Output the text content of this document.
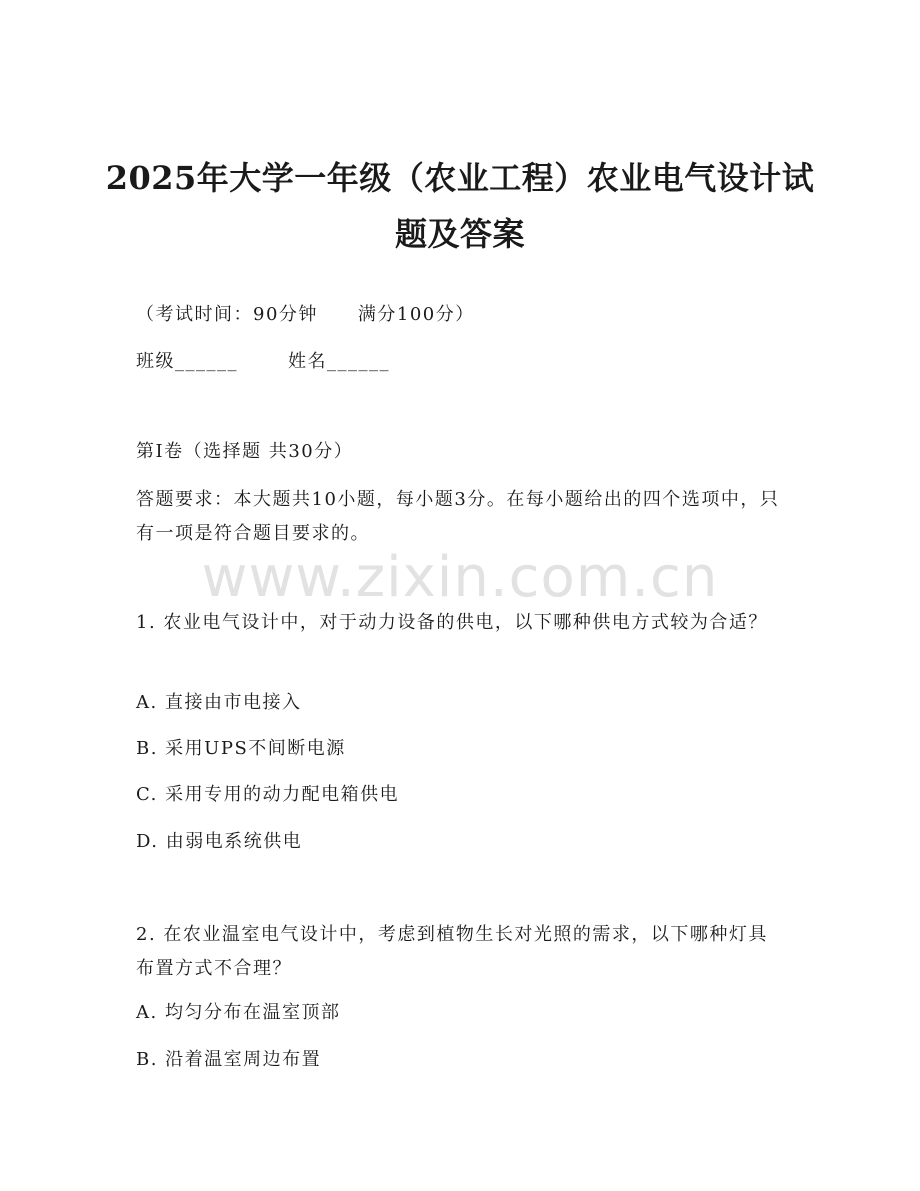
2025年大学一年级（农业工程）农业电气设计试题及答案
（考试时间：90分钟 满分100分）
班级______	姓名______
第I卷（选择题 共30分）
答题要求：本大题共10小题，每小题3分。在每小题给出的四个选项中，只有一项是符合题目要求的。
www.zixin.com.cn
1. 农业电气设计中，对于动力设备的供电，以下哪种供电方式较为合适？
A. 直接由市电接入
B. 采用UPS不间断电源
C. 采用专用的动力配电箱供电
D. 由弱电系统供电
2. 在农业温室电气设计中，考虑到植物生长对光照的需求，以下哪种灯具布置方式不合理？
A. 均匀分布在温室顶部
B. 沿着温室周边布置
